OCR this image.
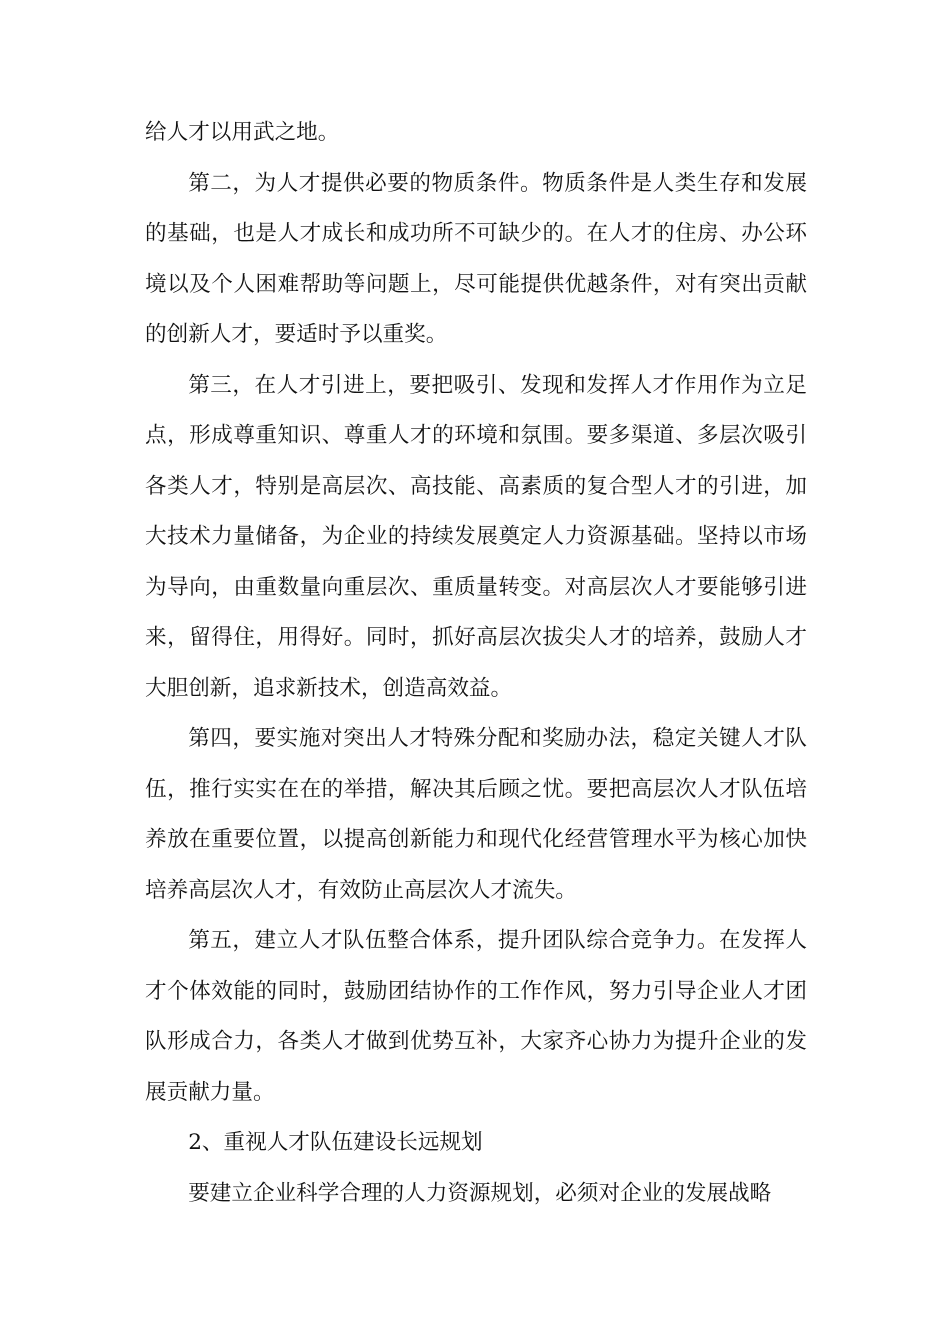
给人才以用武之地。

第二，为人才提供必要的物质条件。物质条件是人类生存和发展的基础，也是人才成长和成功所不可缺少的。在人才的住房、办公环境以及个人困难帮助等问题上，尽可能提供优越条件，对有突出贡献的创新人才，要适时予以重奖。

第三，在人才引进上，要把吸引、发现和发挥人才作用作为立足点，形成尊重知识、尊重人才的环境和氛围。要多渠道、多层次吸引各类人才，特别是高层次、高技能、高素质的复合型人才的引进，加大技术力量储备，为企业的持续发展奠定人力资源基础。坚持以市场为导向，由重数量向重层次、重质量转变。对高层次人才要能够引进来，留得住，用得好。同时，抓好高层次拔尖人才的培养，鼓励人才大胆创新，追求新技术，创造高效益。

第四，要实施对突出人才特殊分配和奖励办法，稳定关键人才队伍，推行实实在在的举措，解决其后顾之忧。要把高层次人才队伍培养放在重要位置，以提高创新能力和现代化经营管理水平为核心加快培养高层次人才，有效防止高层次人才流失。

第五，建立人才队伍整合体系，提升团队综合竞争力。在发挥人才个体效能的同时，鼓励团结协作的工作作风，努力引导企业人才团队形成合力，各类人才做到优势互补，大家齐心协力为提升企业的发展贡献力量。

2、重视人才队伍建设长远规划

要建立企业科学合理的人力资源规划，必须对企业的发展战略
